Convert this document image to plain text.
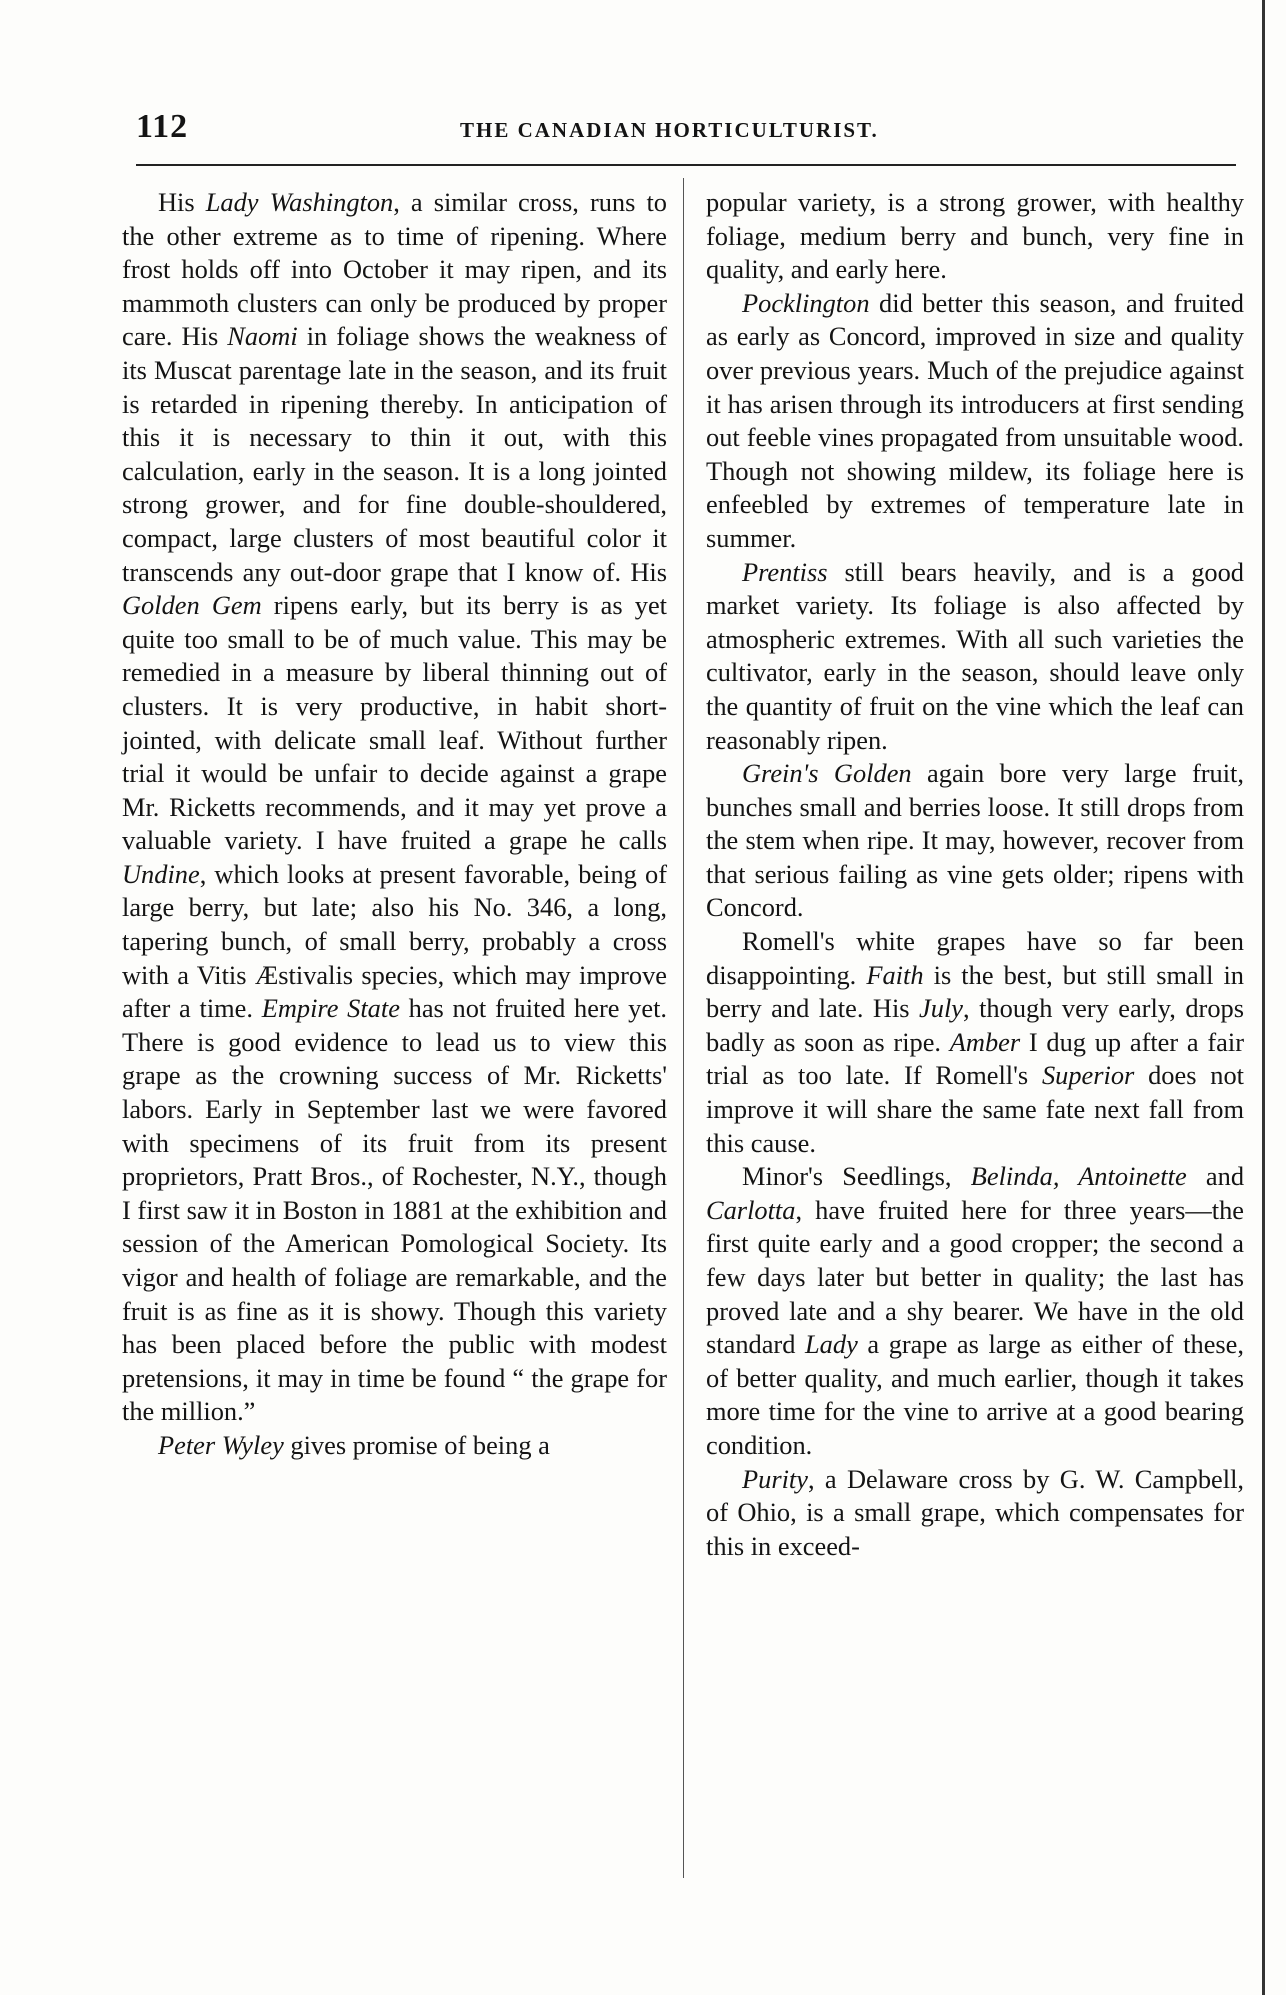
112	THE CANADIAN HORTICULTURIST.

His Lady Washington, a similar cross, runs to the other extreme as to time of ripening. Where frost holds off into October it may ripen, and its mammoth clusters can only be produced by proper care. His Naomi in foliage shows the weakness of its Muscat parentage late in the season, and its fruit is retarded in ripening thereby. In anticipation of this it is necessary to thin it out, with this calculation, early in the season. It is a long jointed strong grower, and for fine double-shouldered, compact, large clusters of most beautiful color it transcends any out-door grape that I know of. His Golden Gem ripens early, but its berry is as yet quite too small to be of much value. This may be remedied in a measure by liberal thinning out of clusters. It is very productive, in habit short-jointed, with delicate small leaf. Without further trial it would be unfair to decide against a grape Mr. Ricketts recommends, and it may yet prove a valuable variety. I have fruited a grape he calls Undine, which looks at present favorable, being of large berry, but late; also his No. 346, a long, tapering bunch, of small berry, probably a cross with a Vitis Æstivalis species, which may improve after a time. Empire State has not fruited here yet. There is good evidence to lead us to view this grape as the crowning success of Mr. Ricketts' labors. Early in September last we were favored with specimens of its fruit from its present proprietors, Pratt Bros., of Rochester, N.Y., though I first saw it in Boston in 1881 at the exhibition and session of the American Pomological Society. Its vigor and health of foliage are remarkable, and the fruit is as fine as it is showy. Though this variety has been placed before the public with modest pretensions, it may in time be found “ the grape for the million.”

Peter Wyley gives promise of being a

popular variety, is a strong grower, with healthy foliage, medium berry and bunch, very fine in quality, and early here.

Pocklington did better this season, and fruited as early as Concord, improved in size and quality over previous years. Much of the prejudice against it has arisen through its introducers at first sending out feeble vines propagated from unsuitable wood. Though not showing mildew, its foliage here is enfeebled by extremes of temperature late in summer.

Prentiss still bears heavily, and is a good market variety. Its foliage is also affected by atmospheric extremes. With all such varieties the cultivator, early in the season, should leave only the quantity of fruit on the vine which the leaf can reasonably ripen.

Grein's Golden again bore very large fruit, bunches small and berries loose. It still drops from the stem when ripe. It may, however, recover from that serious failing as vine gets older; ripens with Concord.

Romell's white grapes have so far been disappointing. Faith is the best, but still small in berry and late. His July, though very early, drops badly as soon as ripe. Amber I dug up after a fair trial as too late. If Romell's Superior does not improve it will share the same fate next fall from this cause.

Minor's Seedlings, Belinda, Antoinette and Carlotta, have fruited here for three years—the first quite early and a good cropper; the second a few days later but better in quality; the last has proved late and a shy bearer. We have in the old standard Lady a grape as large as either of these, of better quality, and much earlier, though it takes more time for the vine to arrive at a good bearing condition.

Purity, a Delaware cross by G. W. Campbell, of Ohio, is a small grape, which compensates for this in exceed-
